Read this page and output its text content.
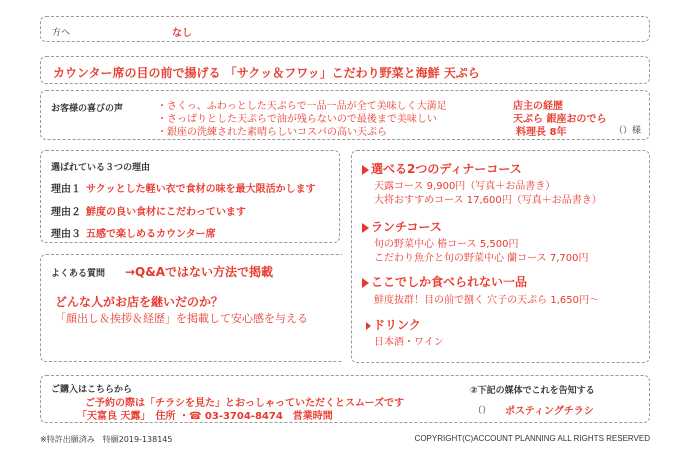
方へ	なし
カウンター席の目の前で揚げる 「サクッ＆フワッ」こだわり野菜と海鮮 天ぷら
お客様の喜びの声	・さくっ、ふわっとした天ぷらで一品一品が全て美味しく大満足
・さっぱりとした天ぷらで油が残らないので最後まで美味しい
・銀座の洗練された素晴らしいコスパの高い天ぷら
店主の経歴
天ぷら 銀座おのでら
料理長 8年	（）様
選ばれている３つの理由
理由１ サクッとした軽い衣で食材の味を最大限活かします
理由２ 鮮度の良い食材にこだわっています
理由３ 五感で楽しめるカウンター席
選べる2つのディナーコース
天露コース 9,900円（写真＋お品書き）
大将おすすめコース 17,600円（写真＋お品書き）
ランチコース
旬の野菜中心 椿コース 5,500円
こだわり魚介と旬の野菜中心 蘭コース 7,700円
ここでしか食べられない一品
鮮度抜群！目の前で捌く 穴子の天ぷら 1,650円〜
ドリンク
日本酒・ワイン
よくある質問 →Q&Aではない方法で掲載
どんな人がお店を継いだのか？
「顔出し＆挨拶＆経歴」を掲載して安心感を与える
ご購入はこちらから
ご予約の際は「チラシを見た」とおっしゃっていただくとスムーズです
「天富良 天露」　住所 ・☎ 03-3704-8474　営業時間
②下記の媒体でこれを告知する
（） ポスティングチラシ
※特許出願済み　特願2019-138145	COPYRIGHT(C)ACCOUNT PLANNING ALL RIGHTS RESERVED
